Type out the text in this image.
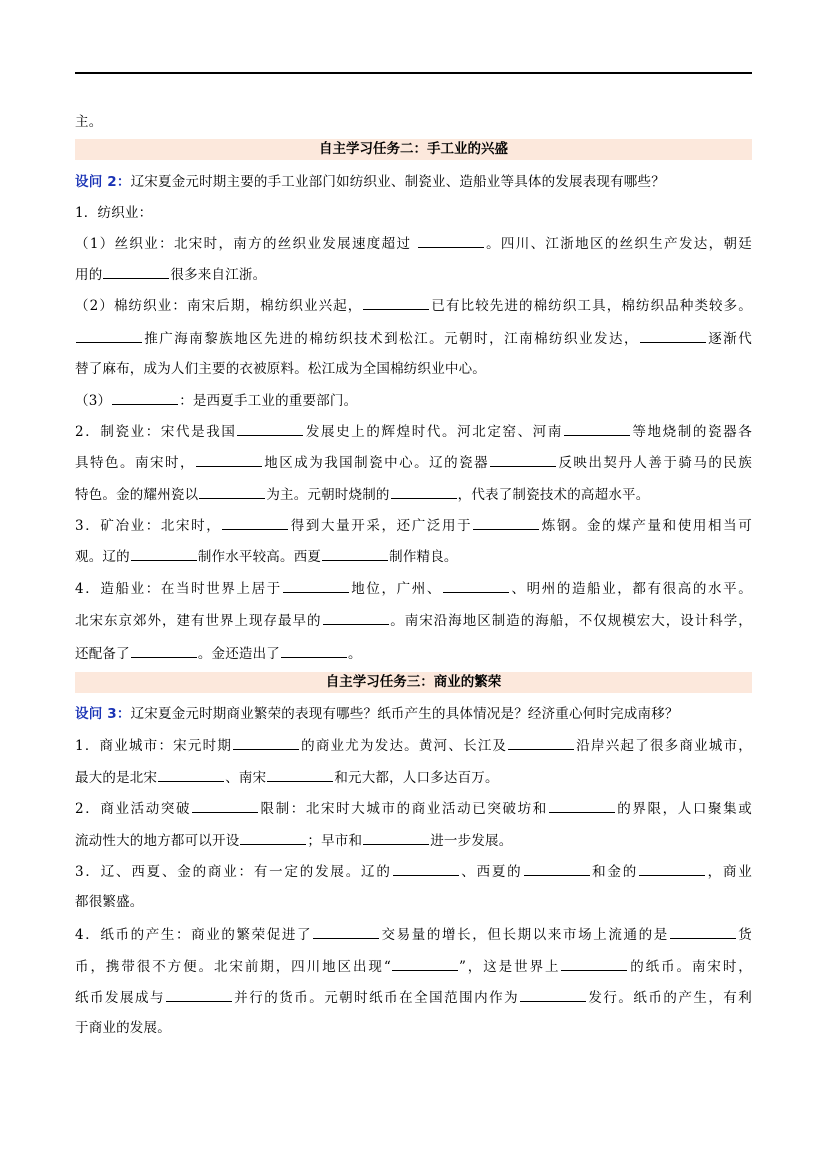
主。
自主学习任务二：手工业的兴盛
设问 2：辽宋夏金元时期主要的手工业部门如纺织业、制瓷业、造船业等具体的发展表现有哪些？
1．纺织业：
（1）丝织业：北宋时，南方的丝织业发展速度超过	。四川、江浙地区的丝织生产发达，朝廷
用的	很多来自江浙。
（2）棉纺织业：南宋后期，棉纺织业兴起，	已有比较先进的棉纺织工具，棉纺织品种类较多。
推广海南黎族地区先进的棉纺织技术到松江。元朝时，江南棉纺织业发达，	逐渐代
替了麻布，成为人们主要的衣被原料。松江成为全国棉纺织业中心。
（3）	：是西夏手工业的重要部门。
2．制瓷业：宋代是我国	发展史上的辉煌时代。河北定窑、河南	等地烧制的瓷器各
具特色。南宋时，	地区成为我国制瓷中心。辽的瓷器	反映出契丹人善于骑马的民族
特色。金的耀州瓷以	为主。元朝时烧制的	，代表了制瓷技术的高超水平。
3．矿冶业：北宋时，	得到大量开采，还广泛用于	炼钢。金的煤产量和使用相当可
观。辽的	制作水平较高。西夏	制作精良。
4．造船业：在当时世界上居于	地位，广州、	、明州的造船业，都有很高的水平。
北宋东京郊外，建有世界上现存最早的	。南宋沿海地区制造的海船，不仅规模宏大，设计科学，
还配备了	。金还造出了	。
自主学习任务三：商业的繁荣
设问 3：辽宋夏金元时期商业繁荣的表现有哪些？纸币产生的具体情况是？经济重心何时完成南移？
1．商业城市：宋元时期	的商业尤为发达。黄河、长江及	沿岸兴起了很多商业城市，
最大的是北宋	、南宋	和元大都，人口多达百万。
2．商业活动突破	限制：北宋时大城市的商业活动已突破坊和	的界限，人口聚集或
流动性大的地方都可以开设	；早市和	进一步发展。
3．辽、西夏、金的商业：有一定的发展。辽的	、西夏的	和金的	，商业
都很繁盛。
4．纸币的产生：商业的繁荣促进了	交易量的增长，但长期以来市场上流通的是	货
币，携带很不方便。北宋前期，四川地区出现“	”，这是世界上	的纸币。南宋时，
纸币发展成与	并行的货币。元朝时纸币在全国范围内作为	发行。纸币的产生，有利
于商业的发展。
